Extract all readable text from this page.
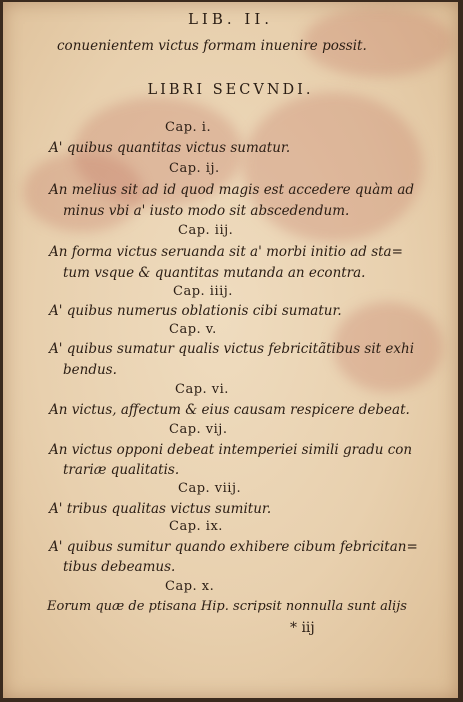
LIB. II.
conuenientem victus formam inuenire possit.
LIBRI SECVNDI.
Cap. i.
A' quibus quantitas victus sumatur.
Cap. ij.
An melius sit ad id quod magis est accedere quàm ad
minus vbi a' iusto modo sit abscedendum.
Cap. iij.
An forma victus seruanda sit a' morbi initio ad sta=
tum vsque & quantitas mutanda an econtra.
Cap. iiij.
A' quibus numerus oblationis cibi sumatur.
Cap. v.
A' quibus sumatur qualis victus febricitãtibus sit exhi
bendus.
Cap. vi.
An victus, affectum & eius causam respicere debeat.
Cap. vij.
An victus opponi debeat intemperiei simili gradu con
trariæ qualitatis.
Cap. viij.
A' tribus qualitas victus sumitur.
Cap. ix.
A' quibus sumitur quando exhibere cibum febricitan=
tibus debeamus.
Cap. x.
Eorum quæ de ptisana Hip. scripsit nonnulla sunt alijs
* iij
